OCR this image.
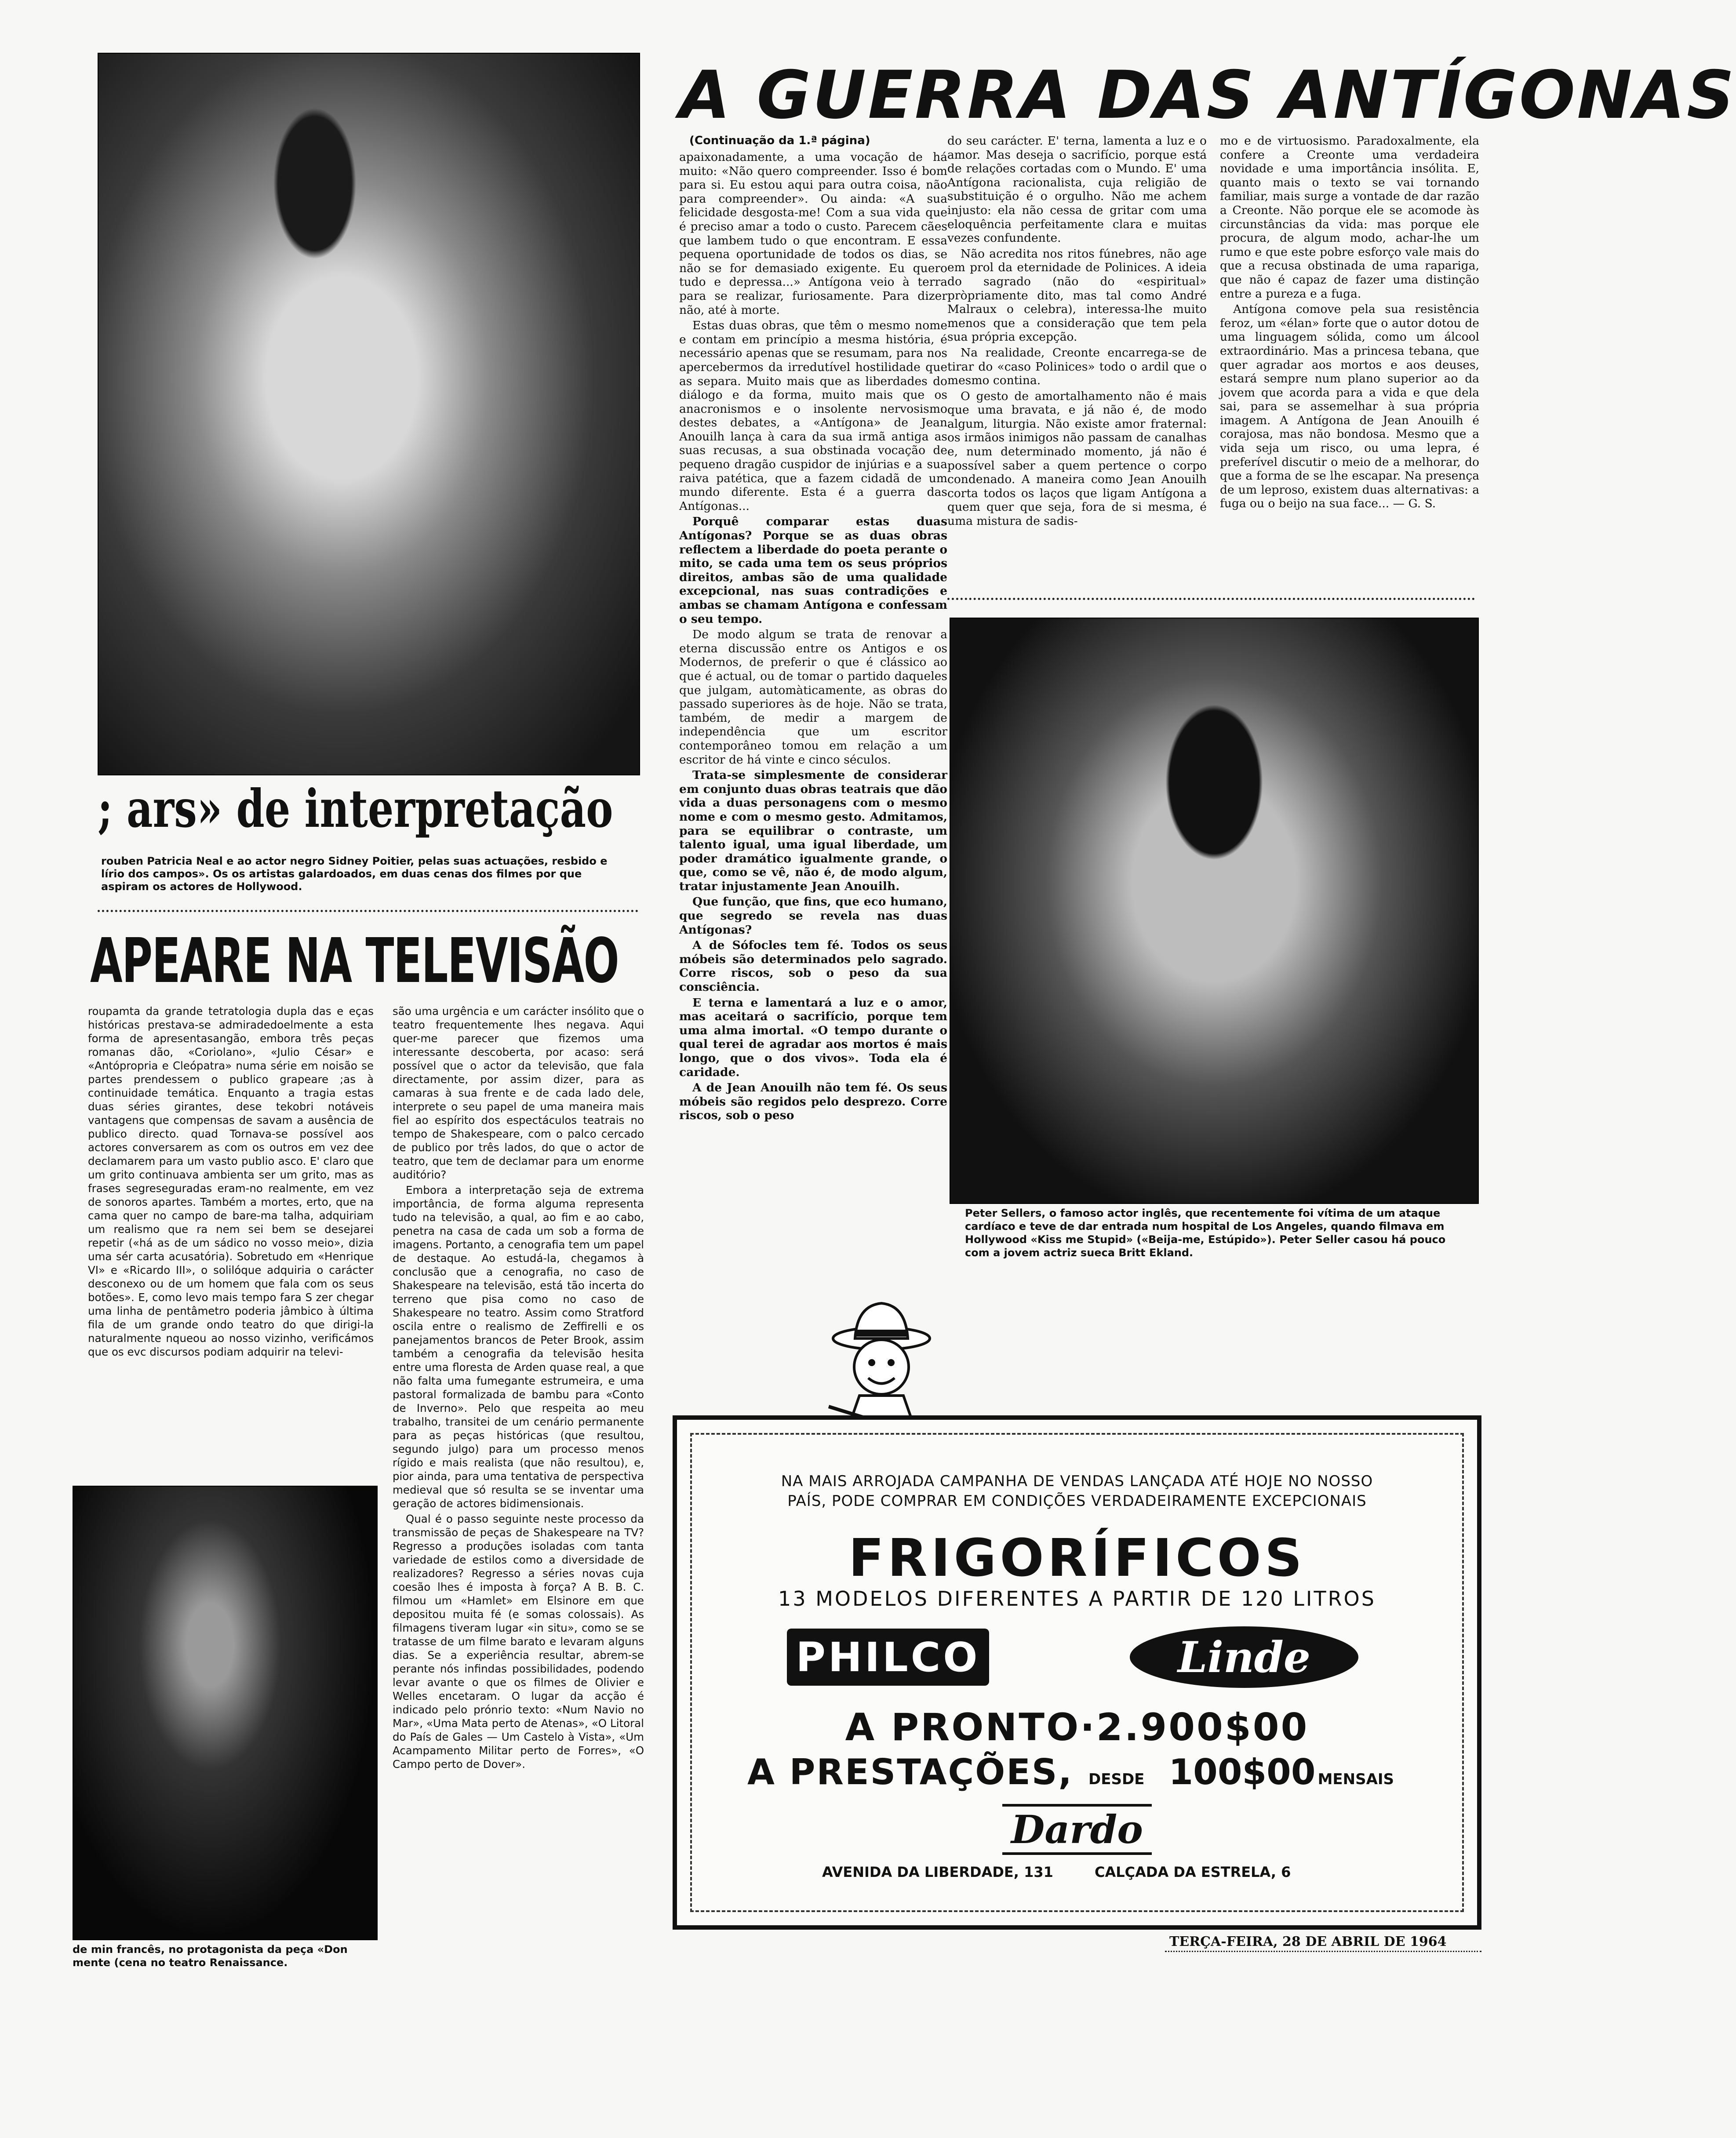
; ars» de interpretação
rouben Patricia Neal e ao actor negro Sidney Poitier, pelas suas actuações, resbido e lírio dos campos». Os os artistas galardoados, em duas cenas dos filmes por que aspiram os actores de Hollywood.
APEARE NA TELEVISÃO

roupamta da grande tetratologia dupla das e eças históricas prestava-se admiradedoelmente a esta forma de apresentasangão, embora três peças romanas dão, «Coriolano», «Julio César» e «Antópropria e Cleópatra» numa série em noisão se partes prendessem o publico grapeare ;as à continuidade temática. Enquanto a tragia estas duas séries girantes, dese tekobri notáveis vantagens que compensas de savam a ausência de publico directo. quad Tornava-se possível aos actores conversarem as com os outros em vez dee declamarem para um vasto publio asco. E' claro que um grito continuava ambienta ser um grito, mas as frases segreseguradas eram-no realmente, em vez de sonoros apartes. Também a mortes, erto, que na cama quer no campo de bare-ma talha, adquiriam um realismo que ra nem sei bem se desejarei repetir («há as de um sádico no vosso meio», dizia uma sér carta acusatória). Sobretudo em «Henrique VI» e «Ricardo III», o solilóque adquiria o carácter desconexo ou de um homem que fala com os seus botões». E, como levo mais tempo fara S zer chegar uma linha de pentâmetro poderia jâmbico à última fila de um grande ondo teatro do que dirigi-la naturalmente nqueou ao nosso vizinho, verificámos que os evc discursos podiam adquirir na televi-

são uma urgência e um carácter insólito que o teatro frequentemente lhes negava. Aqui quer-me parecer que fizemos uma interessante descoberta, por acaso: será possível que o actor da televisão, que fala directamente, por assim dizer, para as camaras à sua frente e de cada lado dele, interprete o seu papel de uma maneira mais fiel ao espírito dos espectáculos teatrais no tempo de Shakespeare, com o palco cercado de publico por três lados, do que o actor de teatro, que tem de declamar para um enorme auditório?

Embora a interpretação seja de extrema importância, de forma alguma representa tudo na televisão, a qual, ao fim e ao cabo, penetra na casa de cada um sob a forma de imagens. Portanto, a cenografia tem um papel de destaque. Ao estudá-la, chegamos à conclusão que a cenografia, no caso de Shakespeare na televisão, está tão incerta do terreno que pisa como no caso de Shakespeare no teatro. Assim como Stratford oscila entre o realismo de Zeffirelli e os panejamentos brancos de Peter Brook, assim também a cenografia da televisão hesita entre uma floresta de Arden quase real, a que não falta uma fumegante estrumeira, e uma pastoral formalizada de bambu para «Conto de Inverno». Pelo que respeita ao meu trabalho, transitei de um cenário permanente para as peças históricas (que resultou, segundo julgo) para um processo menos rígido e mais realista (que não resultou), e, pior ainda, para uma tentativa de perspectiva medieval que só resulta se se inventar uma geração de actores bidimensionais.

Qual é o passo seguinte neste processo da transmissão de peças de Shakespeare na TV? Regresso a produções isoladas com tanta variedade de estilos como a diversidade de realizadores? Regresso a séries novas cuja coesão lhes é imposta à força? A B. B. C. filmou um «Hamlet» em Elsinore em que depositou muita fé (e somas colossais). As filmagens tiveram lugar «in situ», como se se tratasse de um filme barato e levaram alguns dias. Se a experiência resultar, abrem-se perante nós infindas possibilidades, podendo levar avante o que os filmes de Olivier e Welles encetaram. O lugar da acção é indicado pelo prónrio texto: «Num Navio no Mar», «Uma Mata perto de Atenas», «O Litoral do País de Gales — Um Castelo à Vista», «Um Acampamento Militar perto de Forres», «O Campo perto de Dover».

de min francês, no protagonista da peça «Don mente (cena no teatro Renaissance.
A GUERRA DAS ANTÍGONAS
(Continuação da 1.ª página)

apaixonadamente, a uma vocação de há muito: «Não quero compreender. Isso é bom para si. Eu estou aqui para outra coisa, não para compreender». Ou ainda: «A sua felicidade desgosta-me! Com a sua vida que é preciso amar a todo o custo. Parecem cães que lambem tudo o que encontram. E essa pequena oportunidade de todos os dias, se não se for demasiado exigente. Eu quero tudo e depressa...» Antígona veio à terra para se realizar, furiosamente. Para dizer não, até à morte.

Estas duas obras, que têm o mesmo nome e contam em princípio a mesma história, é necessário apenas que se resumam, para nos apercebermos da irredutível hostilidade que as separa. Muito mais que as liberdades do diálogo e da forma, muito mais que os anacronismos e o insolente nervosismo destes debates, a «Antígona» de Jean Anouilh lança à cara da sua irmã antiga as suas recusas, a sua obstinada vocação de pequeno dragão cuspidor de injúrias e a sua raiva patética, que a fazem cidadã de um mundo diferente. Esta é a guerra das Antígonas...

Porquê comparar estas duas Antígonas? Porque se as duas obras reflectem a liberdade do poeta perante o mito, se cada uma tem os seus próprios direitos, ambas são de uma qualidade excepcional, nas suas contradições e ambas se chamam Antígona e confessam o seu tempo.

De modo algum se trata de renovar a eterna discussão entre os Antigos e os Modernos, de preferir o que é clássico ao que é actual, ou de tomar o partido daqueles que julgam, automàticamente, as obras do passado superiores às de hoje. Não se trata, também, de medir a margem de independência que um escritor contemporâneo tomou em relação a um escritor de há vinte e cinco séculos.

Trata-se simplesmente de considerar em conjunto duas obras teatrais que dão vida a duas personagens com o mesmo nome e com o mesmo gesto. Admitamos, para se equilibrar o contraste, um talento igual, uma igual liberdade, um poder dramático igualmente grande, o que, como se vê, não é, de modo algum, tratar injustamente Jean Anouilh.

Que função, que fins, que eco humano, que segredo se revela nas duas Antígonas?

A de Sófocles tem fé. Todos os seus móbeis são determinados pelo sagrado. Corre riscos, sob o peso da sua consciência.

E terna e lamentará a luz e o amor, mas aceitará o sacrifício, porque tem uma alma imortal. «O tempo durante o qual terei de agradar aos mortos é mais longo, que o dos vivos». Toda ela é caridade.

A de Jean Anouilh não tem fé. Os seus móbeis são regidos pelo desprezo. Corre riscos, sob o peso

do seu carácter. E' terna, lamenta a luz e o amor. Mas deseja o sacrifício, porque está de relações cortadas com o Mundo. E' uma Antígona racionalista, cuja religião de substituição é o orgulho. Não me achem injusto: ela não cessa de gritar com uma eloquência perfeitamente clara e muitas vezes confundente.

Não acredita nos ritos fúnebres, não age em prol da eternidade de Polinices. A ideia do sagrado (não do «espiritual» pròpriamente dito, mas tal como André Malraux o celebra), interessa-lhe muito menos que a consideração que tem pela sua própria excepção.

Na realidade, Creonte encarrega-se de tirar do «caso Polinices» todo o ardil que o mesmo contina.

O gesto de amortalhamento não é mais que uma bravata, e já não é, de modo algum, liturgia. Não existe amor fraternal: os irmãos inimigos não passam de canalhas e, num determinado momento, já não é possível saber a quem pertence o corpo condenado. A maneira como Jean Anouilh corta todos os laços que ligam Antígona a quem quer que seja, fora de si mesma, é uma mistura de sadis-

mo e de virtuosismo. Paradoxalmente, ela confere a Creonte uma verdadeira novidade e uma importância insólita. E, quanto mais o texto se vai tornando familiar, mais surge a vontade de dar razão a Creonte. Não porque ele se acomode às circunstâncias da vida: mas porque ele procura, de algum modo, achar-lhe um rumo e que este pobre esforço vale mais do que a recusa obstinada de uma rapariga, que não é capaz de fazer uma distinção entre a pureza e a fuga.

Antígona comove pela sua resistência feroz, um «élan» forte que o autor dotou de uma linguagem sólida, como um álcool extraordinário. Mas a princesa tebana, que quer agradar aos mortos e aos deuses, estará sempre num plano superior ao da jovem que acorda para a vida e que dela sai, para se assemelhar à sua própria imagem. A Antígona de Jean Anouilh é corajosa, mas não bondosa. Mesmo que a vida seja um risco, ou uma lepra, é preferível discutir o meio de a melhorar, do que a forma de se lhe escapar. Na presença de um leproso, existem duas alternativas: a fuga ou o beijo na sua face... — G. S.

Peter Sellers, o famoso actor inglês, que recentemente foi vítima de um ataque cardíaco e teve de dar entrada num hospital de Los Angeles, quando filmava em Hollywood «Kiss me Stupid» («Beija-me, Estúpido»). Peter Seller casou há pouco com a jovem actriz sueca Britt Ekland.
NA MAIS ARROJADA CAMPANHA DE VENDAS LANÇADA ATÉ HOJE NO NOSSO
PAÍS, PODE COMPRAR EM CONDIÇÕES VERDADEIRAMENTE EXCEPCIONAIS
FRIGORÍFICOS
13 MODELOS DIFERENTES A PARTIR DE 120 LITROS
PHILCO	Linde
A PRONTO·2.900$00
A PRESTAÇÕES, DESDE 100$00 MENSAIS
Dardo
AVENIDA DA LIBERDADE, 131	CALÇADA DA ESTRELA, 6
TERÇA-FEIRA, 28 DE ABRIL DE 1964
